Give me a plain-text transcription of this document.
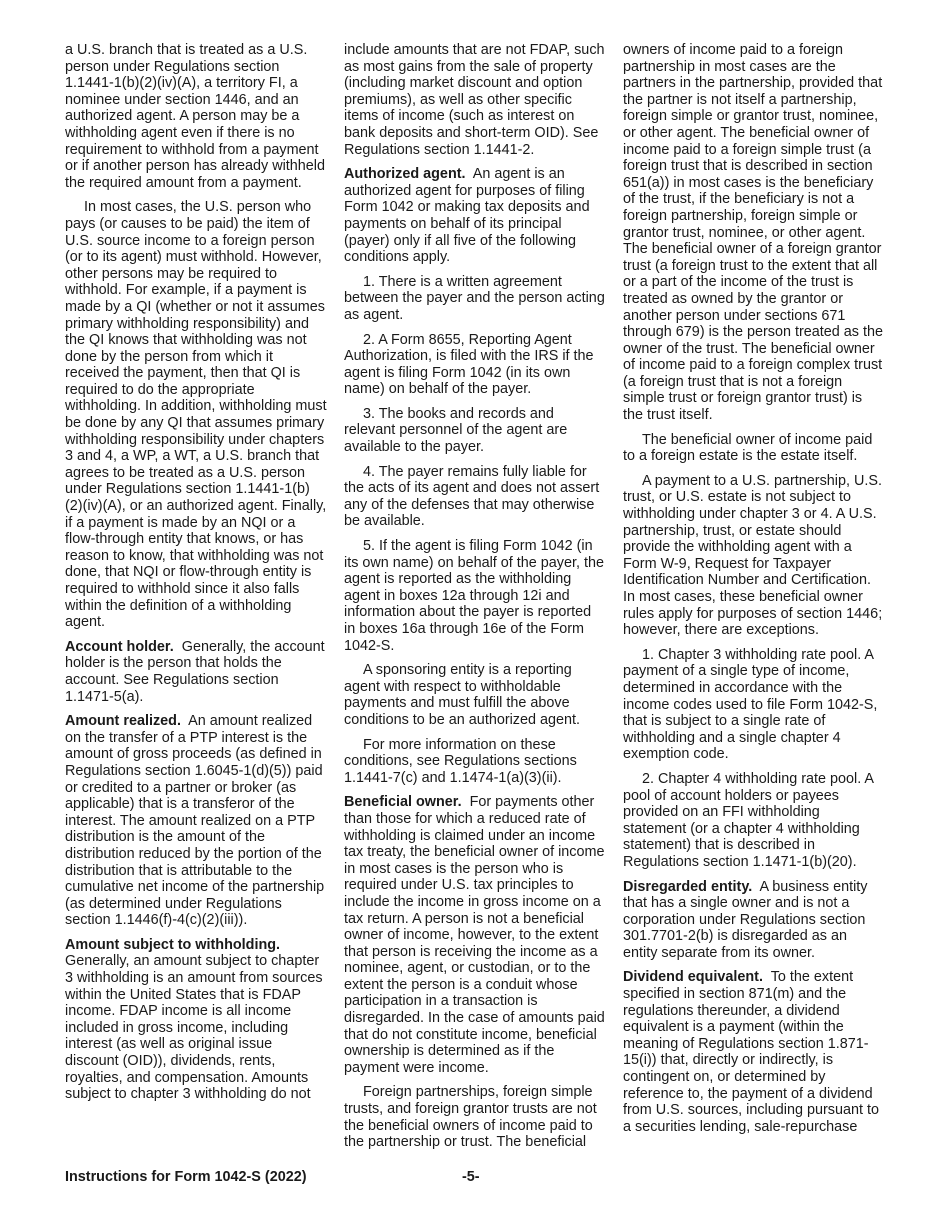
a U.S. branch that is treated as a U.S. person under Regulations section 1.1441-1(b)(2)(iv)(A), a territory FI, a nominee under section 1446, and an authorized agent. A person may be a withholding agent even if there is no requirement to withhold from a payment or if another person has already withheld the required amount from a payment.

In most cases, the U.S. person who pays (or causes to be paid) the item of U.S. source income to a foreign person (or to its agent) must withhold. However, other persons may be required to withhold. For example, if a payment is made by a QI (whether or not it assumes primary withholding responsibility) and the QI knows that withholding was not done by the person from which it received the payment, then that QI is required to do the appropriate withholding. In addition, withholding must be done by any QI that assumes primary withholding responsibility under chapters 3 and 4, a WP, a WT, a U.S. branch that agrees to be treated as a U.S. person under Regulations section 1.1441-1(b)(2)(iv)(A), or an authorized agent. Finally, if a payment is made by an NQI or a flow-through entity that knows, or has reason to know, that withholding was not done, that NQI or flow-through entity is required to withhold since it also falls within the definition of a withholding agent.

Account holder. Generally, the account holder is the person that holds the account. See Regulations section 1.1471-5(a).

Amount realized. An amount realized on the transfer of a PTP interest is the amount of gross proceeds (as defined in Regulations section 1.6045-1(d)(5)) paid or credited to a partner or broker (as applicable) that is a transferor of the interest. The amount realized on a PTP distribution is the amount of the distribution reduced by the portion of the distribution that is attributable to the cumulative net income of the partnership (as determined under Regulations section 1.1446(f)-4(c)(2)(iii)).

Amount subject to withholding.
Generally, an amount subject to chapter 3 withholding is an amount from sources within the United States that is FDAP income. FDAP income is all income included in gross income, including interest (as well as original issue discount (OID)), dividends, rents, royalties, and compensation. Amounts subject to chapter 3 withholding do not

include amounts that are not FDAP, such as most gains from the sale of property (including market discount and option premiums), as well as other specific items of income (such as interest on bank deposits and short-term OID). See Regulations section 1.1441-2.

Authorized agent. An agent is an authorized agent for purposes of filing Form 1042 or making tax deposits and payments on behalf of its principal (payer) only if all five of the following conditions apply.

1. There is a written agreement between the payer and the person acting as agent.

2. A Form 8655, Reporting Agent Authorization, is filed with the IRS if the agent is filing Form 1042 (in its own name) on behalf of the payer.

3. The books and records and relevant personnel of the agent are available to the payer.

4. The payer remains fully liable for the acts of its agent and does not assert any of the defenses that may otherwise be available.

5. If the agent is filing Form 1042 (in its own name) on behalf of the payer, the agent is reported as the withholding agent in boxes 12a through 12i and information about the payer is reported in boxes 16a through 16e of the Form 1042-S.

A sponsoring entity is a reporting agent with respect to withholdable payments and must fulfill the above conditions to be an authorized agent.

For more information on these conditions, see Regulations sections 1.1441-7(c) and 1.1474-1(a)(3)(ii).

Beneficial owner. For payments other than those for which a reduced rate of withholding is claimed under an income tax treaty, the beneficial owner of income in most cases is the person who is required under U.S. tax principles to include the income in gross income on a tax return. A person is not a beneficial owner of income, however, to the extent that person is receiving the income as a nominee, agent, or custodian, or to the extent the person is a conduit whose participation in a transaction is disregarded. In the case of amounts paid that do not constitute income, beneficial ownership is determined as if the payment were income.

Foreign partnerships, foreign simple trusts, and foreign grantor trusts are not the beneficial owners of income paid to the partnership or trust. The beneficial

owners of income paid to a foreign partnership in most cases are the partners in the partnership, provided that the partner is not itself a partnership, foreign simple or grantor trust, nominee, or other agent. The beneficial owner of income paid to a foreign simple trust (a foreign trust that is described in section 651(a)) in most cases is the beneficiary of the trust, if the beneficiary is not a foreign partnership, foreign simple or grantor trust, nominee, or other agent. The beneficial owner of a foreign grantor trust (a foreign trust to the extent that all or a part of the income of the trust is treated as owned by the grantor or another person under sections 671 through 679) is the person treated as the owner of the trust. The beneficial owner of income paid to a foreign complex trust (a foreign trust that is not a foreign simple trust or foreign grantor trust) is the trust itself.

The beneficial owner of income paid to a foreign estate is the estate itself.

A payment to a U.S. partnership, U.S. trust, or U.S. estate is not subject to withholding under chapter 3 or 4. A U.S. partnership, trust, or estate should provide the withholding agent with a Form W-9, Request for Taxpayer Identification Number and Certification. In most cases, these beneficial owner rules apply for purposes of section 1446; however, there are exceptions.

1. Chapter 3 withholding rate pool. A payment of a single type of income, determined in accordance with the income codes used to file Form 1042-S, that is subject to a single rate of withholding and a single chapter 4 exemption code.

2. Chapter 4 withholding rate pool. A pool of account holders or payees provided on an FFI withholding statement (or a chapter 4 withholding statement) that is described in Regulations section 1.1471-1(b)(20).

Disregarded entity. A business entity that has a single owner and is not a corporation under Regulations section 301.7701-2(b) is disregarded as an entity separate from its owner.

Dividend equivalent. To the extent specified in section 871(m) and the regulations thereunder, a dividend equivalent is a payment (within the meaning of Regulations section 1.871-15(i)) that, directly or indirectly, is contingent on, or determined by reference to, the payment of a dividend from U.S. sources, including pursuant to a securities lending, sale-repurchase

Instructions for Form 1042-S (2022)	-5-
